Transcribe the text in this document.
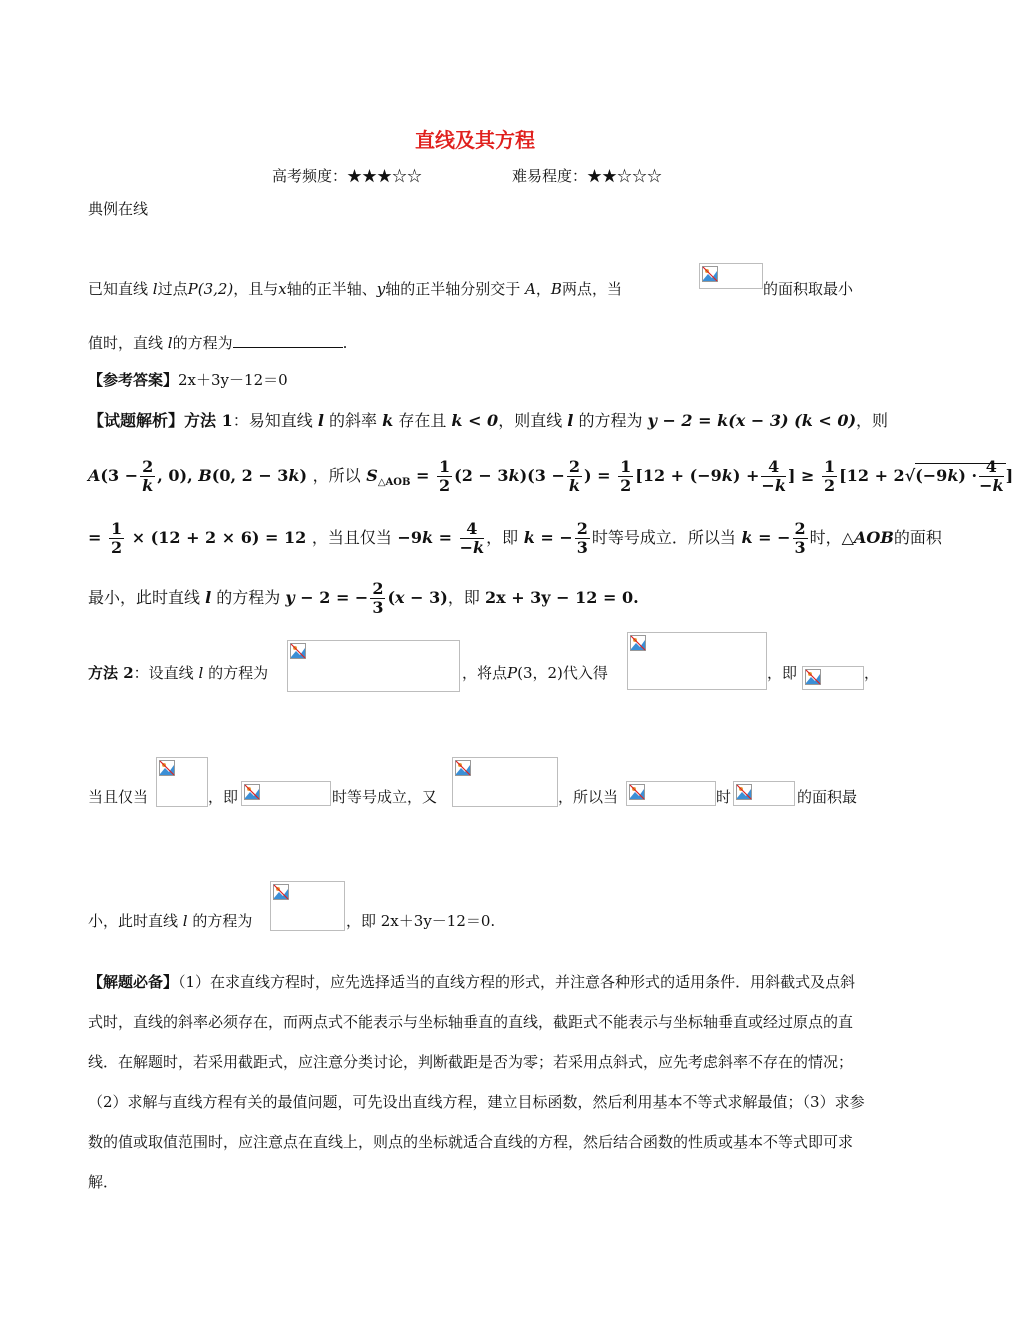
直线及其方程
高考频度：★★★☆☆	难易程度：★★☆☆☆
典例在线
已知直线 l过点P(3,2)，且与x轴的正半轴、y轴的正半轴分别交于 A，B两点，当	的面积取最小
值时，直线 l的方程为	.
【参考答案】2x＋3y－12＝0
【试题解析】方法 1：易知直线 l 的斜率 k 存在且 k < 0，则直线 l 的方程为 y − 2 = k(x − 3) (k < 0)，则
$A(3 - \frac{2}{k}$ , 0), B(0, 2 − 3k) ，所以 $S_{\triangle AOB} = \frac{1}{2} (2 - 3k)(3 - \frac{2}{k}$ ) = $\frac{1}{2} [12 + (-9k) + \frac{4}{-k}$ ] ≥ $\frac{1}{2} [12 + 2√(-9k) \cdot \frac{4}{-k}$ ]
= $\frac{1}{2} \times (12 + 2 \times 6) = 12$ ，当且仅当 $-9k = \frac{4}{-k}$ ，即 k = − $\frac{2}{3}$ 时等号成立．所以当 k = − $\frac{2}{3}$ 时，△AOB的面积
最小，此时直线 l 的方程为 y − 2 = − $\frac{2}{3} (x - 3)$，即 2x + 3y − 12 = 0.
方法 2：设直线 l 的方程为	，将点P(3，2)代入得	，即	，
当且仅当	，即	时等号成立，又	，所以当	时	的面积最
小，此时直线 l 的方程为	，即 2x＋3y－12＝0.
【解题必备】（1）在求直线方程时，应先选择适当的直线方程的形式，并注意各种形式的适用条件．用斜截式及点斜式时，直线的斜率必须存在，而两点式不能表示与坐标轴垂直的直线，截距式不能表示与坐标轴垂直或经过原点的直线．在解题时，若采用截距式，应注意分类讨论，判断截距是否为零；若采用点斜式，应先考虑斜率不存在的情况；（2）求解与直线方程有关的最值问题，可先设出直线方程，建立目标函数，然后利用基本不等式求解最值；（3）求参数的值或取值范围时，应注意点在直线上，则点的坐标就适合直线的方程，然后结合函数的性质或基本不等式即可求解．
